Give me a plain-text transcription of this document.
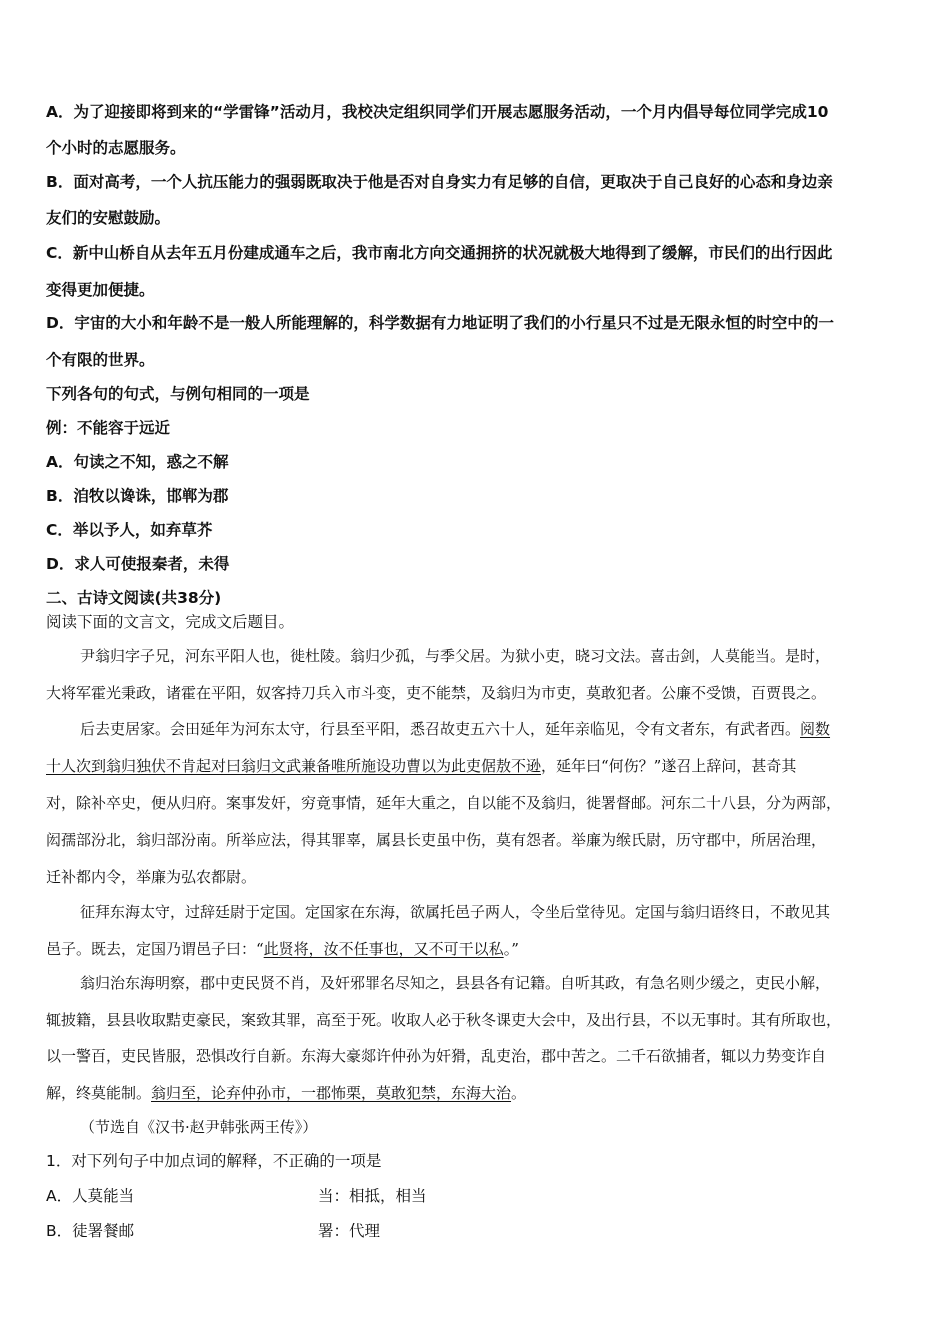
A．为了迎接即将到来的“学雷锋”活动月，我校决定组织同学们开展志愿服务活动，一个月内倡导每位同学完成10
个小时的志愿服务。
B．面对高考，一个人抗压能力的强弱既取决于他是否对自身实力有足够的自信，更取决于自己良好的心态和身边亲
友们的安慰鼓励。
C．新中山桥自从去年五月份建成通车之后，我市南北方向交通拥挤的状况就极大地得到了缓解，市民们的出行因此
变得更加便捷。
D．宇宙的大小和年龄不是一般人所能理解的，科学数据有力地证明了我们的小行星只不过是无限永恒的时空中的一
个有限的世界。
下列各句的句式，与例句相同的一项是
例：不能容于远近
A．句读之不知，惑之不解
B．洎牧以谗诛，邯郸为郡
C．举以予人，如弃草芥
D．求人可使报秦者，未得
二、古诗文阅读(共38分)
阅读下面的文言文，完成文后题目。
尹翁归字子兄，河东平阳人也，徙杜陵。翁归少孤，与季父居。为狱小吏，晓习文法。喜击剑，人莫能当。是时，
大将军霍光秉政，诸霍在平阳，奴客持刀兵入市斗变，吏不能禁，及翁归为市吏，莫敢犯者。公廉不受馈，百贾畏之。
后去吏居家。会田延年为河东太守，行县至平阳，悉召故吏五六十人，延年亲临见，令有文者东，有武者西。阅数
十人次到翁归独伏不肯起对曰翁归文武兼备唯所施设功曹以为此吏倨敖不逊，延年曰“何伤？”遂召上辞问，甚奇其
对，除补卒史，便从归府。案事发奸，穷竟事情，延年大重之，自以能不及翁归，徙署督邮。河东二十八县，分为两部，
闳孺部汾北，翁归部汾南。所举应法，得其罪辜，属县长吏虽中伤，莫有怨者。举廉为缑氏尉，历守郡中，所居治理，
迁补都内令，举廉为弘农都尉。
征拜东海太守，过辞廷尉于定国。定国家在东海，欲属托邑子两人，令坐后堂待见。定国与翁归语终日，不敢见其
邑子。既去，定国乃谓邑子曰：“此贤将，汝不任事也，又不可干以私。”
翁归治东海明察，郡中吏民贤不肖，及奸邪罪名尽知之，县县各有记籍。自听其政，有急名则少缓之，吏民小解，
辄披籍，县县收取黠吏豪民，案致其罪，高至于死。收取人必于秋冬课吏大会中，及出行县，不以无事时。其有所取也，
以一警百，吏民皆服，恐惧改行自新。东海大豪郯许仲孙为奸猾，乱吏治，郡中苦之。二千石欲捕者，辄以力势变诈自
解，终莫能制。翁归至，论弃仲孙市，一郡怖栗，莫敢犯禁，东海大治。
（节选自《汉书·赵尹韩张两王传》）
1．对下列句子中加点词的解释，不正确的一项是
A．人莫能当	当：相抵，相当
B．徒署餐邮	署：代理
